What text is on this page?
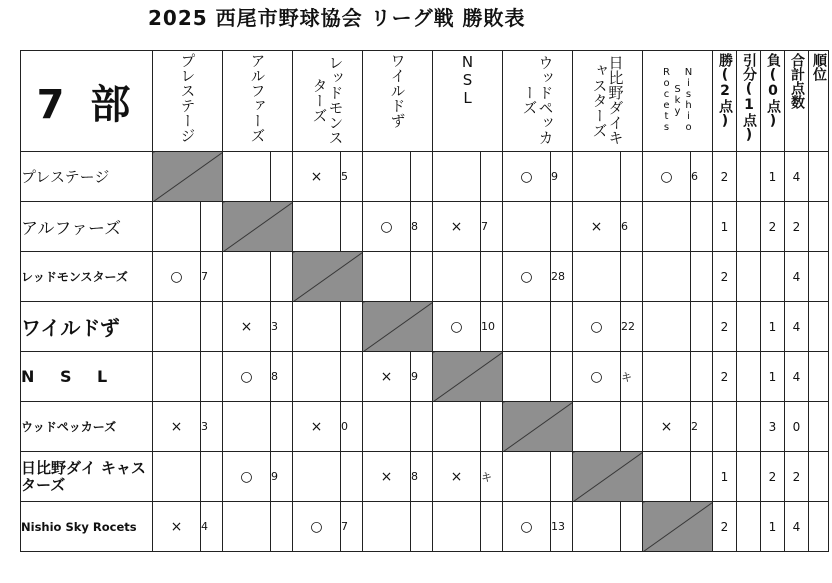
2025 西尾市野球協会 リーグ戦 勝敗表
7 部	プレステージ		アルファーズ		レッドモンスターズ		ワイルドず		NSL		ウッドペッカーズ		日比野ダイキャスターズ		Nishio Sky Rocets		勝(2点)	引分(1点)	負(0点)	合計点数	順位
プレステージ					×	5					○	9			○	6	2		1	4	
アルファーズ							○	8	×	7			×	6			1		2	2	
レッドモンスターズ	○	7									○	28					2			4	
ワイルドず			×	3					○	10			○	22			2		1	4	
N S L			○	8			×	9					○	キ			2		1	4	
ウッドペッカーズ	×	3			×	0									×	2			3	0	
日比野ダイ キャスターズ			○	9			×	8	×	キ							1		2	2	
Nishio Sky Rocets	×	4			○	7					○	13					2		1	4	
